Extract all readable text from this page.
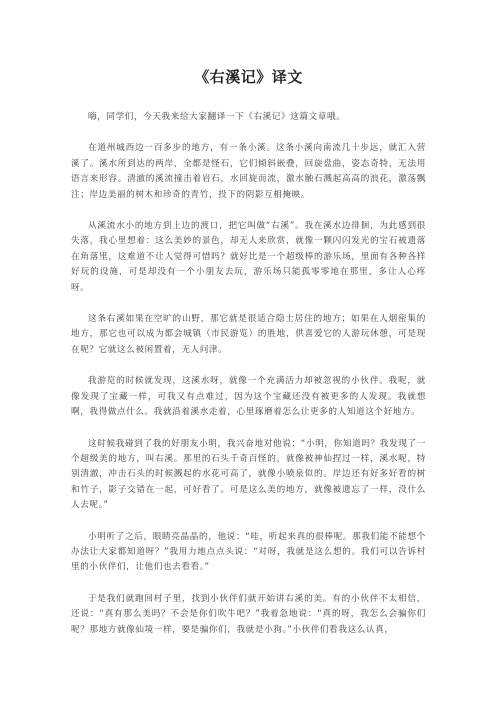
《右溪记》译文

嗨，同学们，今天我来给大家翻译一下《右溪记》这篇文章哦。

在道州城西边一百多步的地方，有一条小溪。这条小溪向南流几十步远，就汇入营溪了。溪水所到达的两岸，全都是怪石，它们倾斜嵌叠，回旋盘曲，姿态奇特，无法用语言来形容。清澈的溪流撞击着岩石，水回旋而流，激水触石溅起高高的浪花，激荡飘注；岸边美丽的树木和珍奇的青竹，投下的阴影互相掩映。

从溪流水小的地方到上边的渡口，把它叫做“右溪”。我在溪水边徘徊，为此感到很失落，我心里想着：这么美妙的景色，却无人来欣赏，就像一颗闪闪发光的宝石被遗落在角落里，这难道不让人觉得可惜吗？就好比是一个超级棒的游乐场，里面有各种各样好玩的设施，可是却没有一个小朋友去玩，游乐场只能孤零零地在那里，多让人心疼呀。

这条右溪如果在空旷的山野，那它就是很适合隐士居住的地方；如果在人烟密集的地方，那它也可以成为都会城镇（市民游览）的胜地，供喜爱它的人游玩休憩，可是现在呢？它就这么被闲置着，无人问津。

我游览的时候就发现，这溪水呀，就像一个充满活力却被忽视的小伙伴。我呢，就像发现了宝藏一样，可我又有点难过，因为这个宝藏还没有被更多的人发现。我就想啊，我得做点什么。我就沿着溪水走着，心里琢磨着怎么让更多的人知道这个好地方。

这时候我碰到了我的好朋友小明，我兴奋地对他说：“小明，你知道吗？我发现了一个超级美的地方，叫右溪。那里的石头千奇百怪的，就像被神仙捏过一样，溪水呢，特别清澈，冲击石头的时候溅起的水花可高了，就像小喷泉似的。岸边还有好多好看的树和竹子，影子交错在一起，可好看了。可是这么美的地方，就像被遗忘了一样，没什么人去呢。”

小明听了之后，眼睛亮晶晶的，他说：“哇，听起来真的很棒呢。那我们能不能想个办法让大家都知道呀？”我用力地点点头说：“对呀，我就是这么想的。我们可以告诉村里的小伙伴们，让他们也去看看。”

于是我们就跑回村子里，找到小伙伴们就开始讲右溪的美。有的小伙伴不太相信，还说：“真有那么美吗？不会是你们吹牛吧？”我着急地说：“真的呀，我怎么会骗你们呢？那地方就像仙境一样，要是骗你们，我就是小狗。”小伙伴们看我这么认真，
